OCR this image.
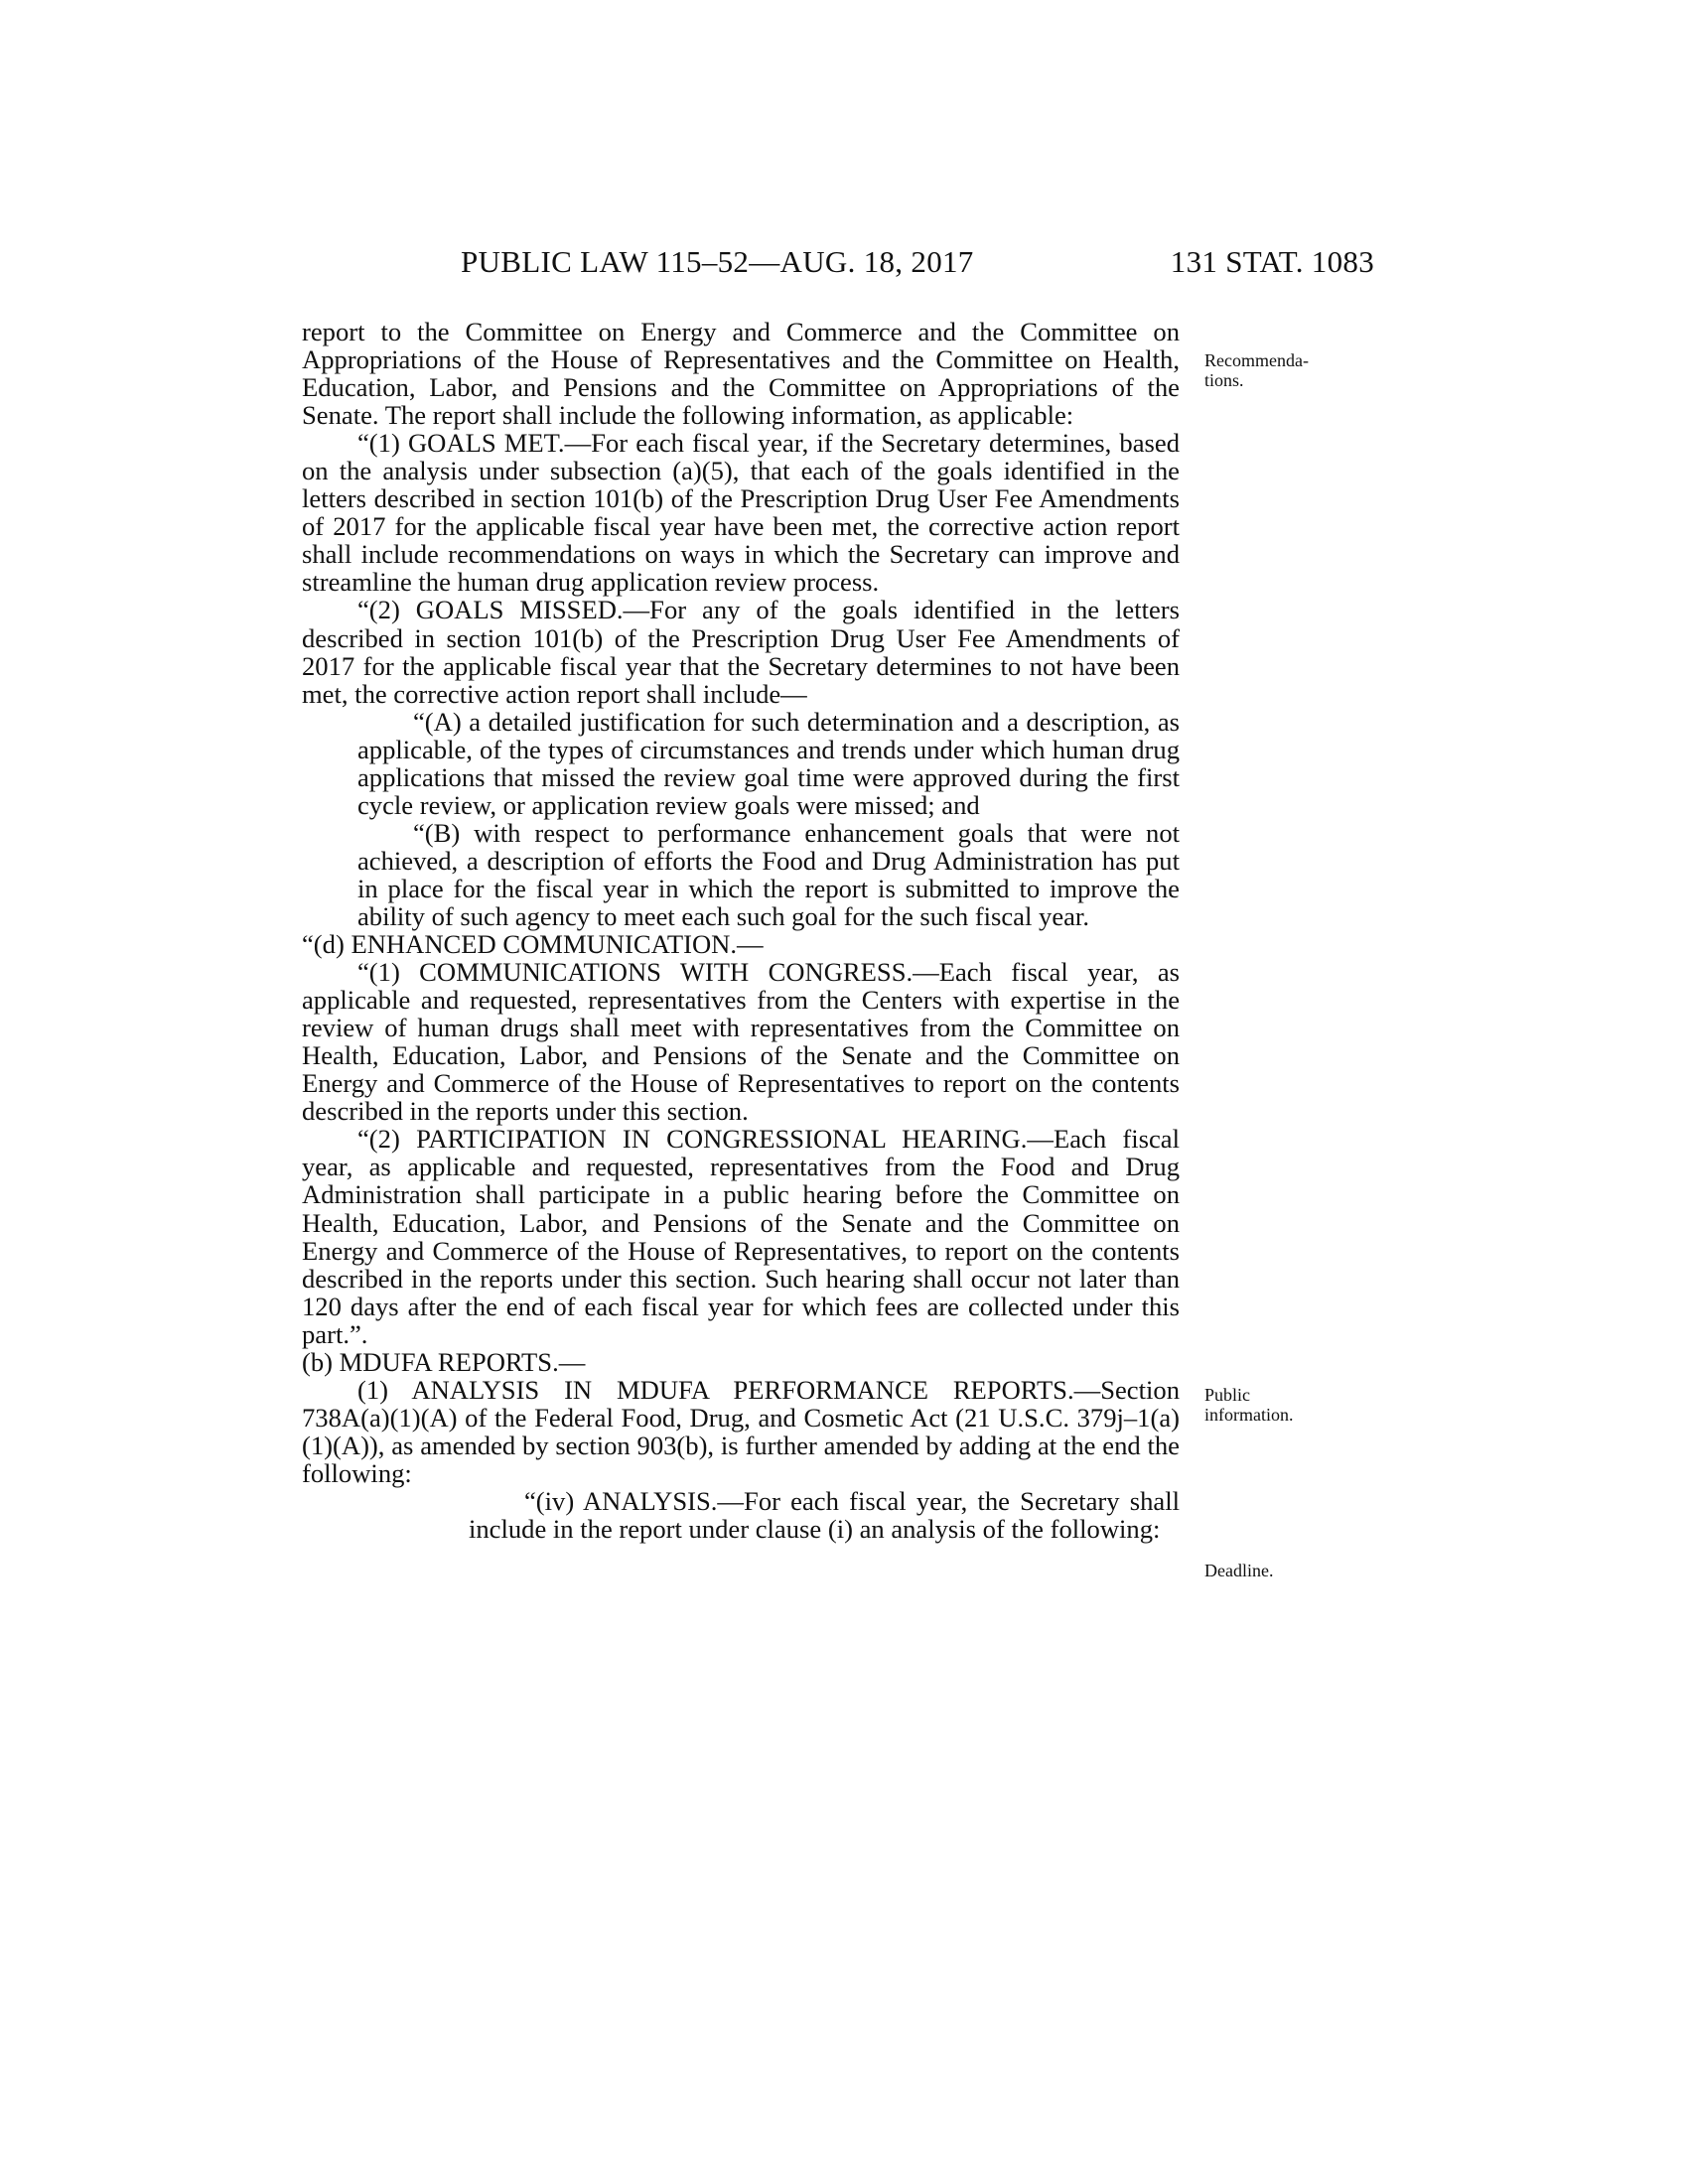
PUBLIC LAW 115–52—AUG. 18, 2017	131 STAT. 1083

report to the Committee on Energy and Commerce and the Committee on Appropriations of the House of Representatives and the Committee on Health, Education, Labor, and Pensions and the Committee on Appropriations of the Senate. The report shall include the following information, as applicable:

“(1) GOALS MET.—For each fiscal year, if the Secretary determines, based on the analysis under subsection (a)(5), that each of the goals identified in the letters described in section 101(b) of the Prescription Drug User Fee Amendments of 2017 for the applicable fiscal year have been met, the corrective action report shall include recommendations on ways in which the Secretary can improve and streamline the human drug application review process.

“(2) GOALS MISSED.—For any of the goals identified in the letters described in section 101(b) of the Prescription Drug User Fee Amendments of 2017 for the applicable fiscal year that the Secretary determines to not have been met, the corrective action report shall include—

“(A) a detailed justification for such determination and a description, as applicable, of the types of circumstances and trends under which human drug applications that missed the review goal time were approved during the first cycle review, or application review goals were missed; and

“(B) with respect to performance enhancement goals that were not achieved, a description of efforts the Food and Drug Administration has put in place for the fiscal year in which the report is submitted to improve the ability of such agency to meet each such goal for the such fiscal year.

“(d) ENHANCED COMMUNICATION.—

“(1) COMMUNICATIONS WITH CONGRESS.—Each fiscal year, as applicable and requested, representatives from the Centers with expertise in the review of human drugs shall meet with representatives from the Committee on Health, Education, Labor, and Pensions of the Senate and the Committee on Energy and Commerce of the House of Representatives to report on the contents described in the reports under this section.

“(2) PARTICIPATION IN CONGRESSIONAL HEARING.—Each fiscal year, as applicable and requested, representatives from the Food and Drug Administration shall participate in a public hearing before the Committee on Health, Education, Labor, and Pensions of the Senate and the Committee on Energy and Commerce of the House of Representatives, to report on the contents described in the reports under this section. Such hearing shall occur not later than 120 days after the end of each fiscal year for which fees are collected under this part.”.

(b) MDUFA REPORTS.—

(1) ANALYSIS IN MDUFA PERFORMANCE REPORTS.—Section 738A(a)(1)(A) of the Federal Food, Drug, and Cosmetic Act (21 U.S.C. 379j–1(a)(1)(A)), as amended by section 903(b), is further amended by adding at the end the following:

“(iv) ANALYSIS.—For each fiscal year, the Secretary shall include in the report under clause (i) an analysis of the following:

Recommenda-
tions.
Public
information.
Deadline.
